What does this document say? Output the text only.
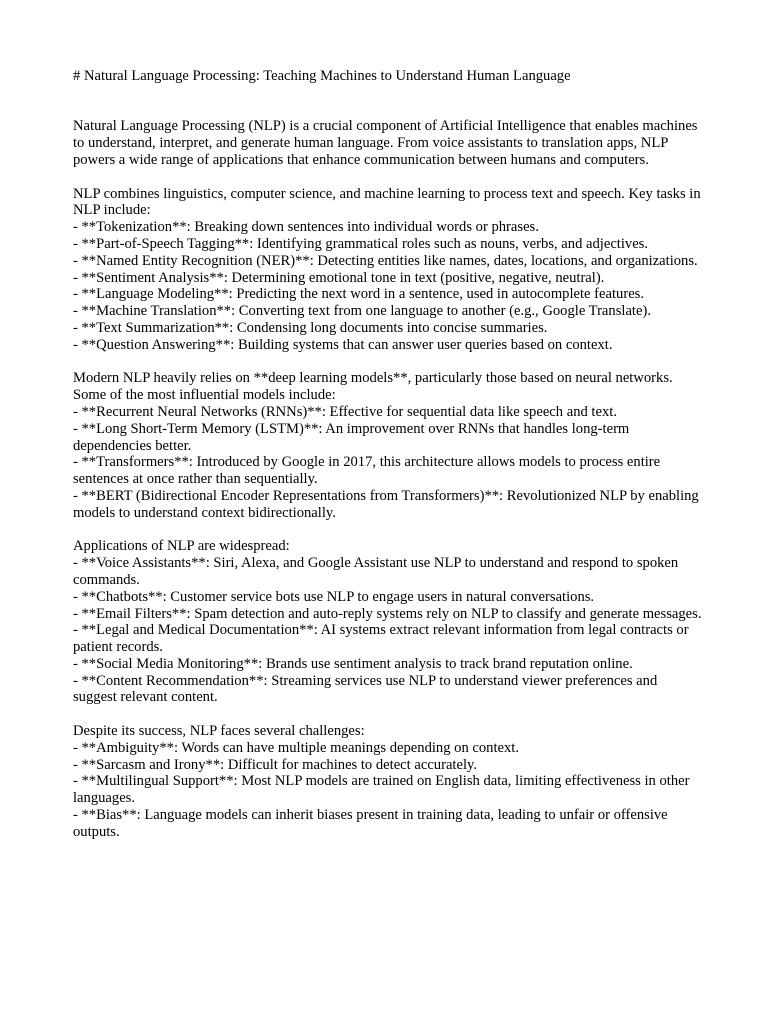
# Natural Language Processing: Teaching Machines to Understand Human Language

Natural Language Processing (NLP) is a crucial component of Artificial Intelligence that enables machines to understand, interpret, and generate human language. From voice assistants to translation apps, NLP powers a wide range of applications that enhance communication between humans and computers.

NLP combines linguistics, computer science, and machine learning to process text and speech. Key tasks in NLP include:
- **Tokenization**: Breaking down sentences into individual words or phrases.
- **Part-of-Speech Tagging**: Identifying grammatical roles such as nouns, verbs, and adjectives.
- **Named Entity Recognition (NER)**: Detecting entities like names, dates, locations, and organizations.
- **Sentiment Analysis**: Determining emotional tone in text (positive, negative, neutral).
- **Language Modeling**: Predicting the next word in a sentence, used in autocomplete features.
- **Machine Translation**: Converting text from one language to another (e.g., Google Translate).
- **Text Summarization**: Condensing long documents into concise summaries.
- **Question Answering**: Building systems that can answer user queries based on context.
Modern NLP heavily relies on **deep learning models**, particularly those based on neural networks. Some of the most influential models include:
- **Recurrent Neural Networks (RNNs)**: Effective for sequential data like speech and text.
- **Long Short-Term Memory (LSTM)**: An improvement over RNNs that handles long-term dependencies better.
- **Transformers**: Introduced by Google in 2017, this architecture allows models to process entire sentences at once rather than sequentially.
- **BERT (Bidirectional Encoder Representations from Transformers)**: Revolutionized NLP by enabling models to understand context bidirectionally.
Applications of NLP are widespread:
- **Voice Assistants**: Siri, Alexa, and Google Assistant use NLP to understand and respond to spoken commands.
- **Chatbots**: Customer service bots use NLP to engage users in natural conversations.
- **Email Filters**: Spam detection and auto-reply systems rely on NLP to classify and generate messages.
- **Legal and Medical Documentation**: AI systems extract relevant information from legal contracts or patient records.
- **Social Media Monitoring**: Brands use sentiment analysis to track brand reputation online.
- **Content Recommendation**: Streaming services use NLP to understand viewer preferences and suggest relevant content.
Despite its success, NLP faces several challenges:
- **Ambiguity**: Words can have multiple meanings depending on context.
- **Sarcasm and Irony**: Difficult for machines to detect accurately.
- **Multilingual Support**: Most NLP models are trained on English data, limiting effectiveness in other languages.
- **Bias**: Language models can inherit biases present in training data, leading to unfair or offensive outputs.
